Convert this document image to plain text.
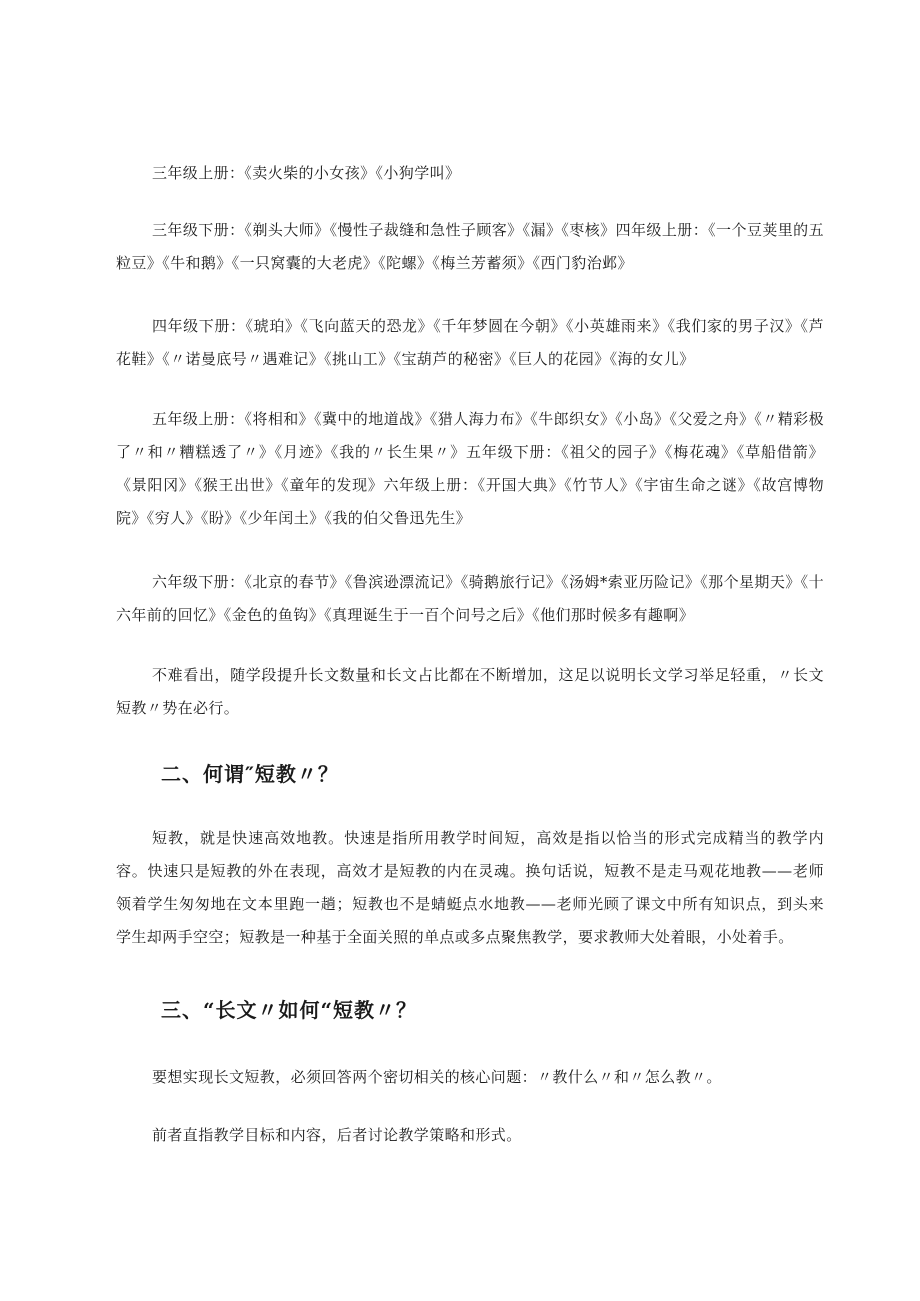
三年级上册：《卖火柴的小女孩》《小狗学叫》

三年级下册：《剃头大师》《慢性子裁缝和急性子顾客》《漏》《枣核》四年级上册：《一个豆荚里的五粒豆》《牛和鹅》《一只窝囊的大老虎》《陀螺》《梅兰芳蓄须》《西门豹治邺》

四年级下册：《琥珀》《飞向蓝天的恐龙》《千年梦圆在今朝》《小英雄雨来》《我们家的男子汉》《芦花鞋》《〃诺曼底号〃遇难记》《挑山工》《宝葫芦的秘密》《巨人的花园》《海的女儿》

五年级上册：《将相和》《冀中的地道战》《猎人海力布》《牛郎织女》《小岛》《父爱之舟》《〃精彩极了〃和〃糟糕透了〃》《月迹》《我的〃长生果〃》五年级下册：《祖父的园子》《梅花魂》《草船借箭》《景阳冈》《猴王出世》《童年的发现》六年级上册：《开国大典》《竹节人》《宇宙生命之谜》《故宫博物院》《穷人》《盼》《少年闰土》《我的伯父鲁迅先生》

六年级下册：《北京的春节》《鲁滨逊漂流记》《骑鹅旅行记》《汤姆*索亚历险记》《那个星期天》《十六年前的回忆》《金色的鱼钩》《真理诞生于一百个问号之后》《他们那时候多有趣啊》

不难看出，随学段提升长文数量和长文占比都在不断增加，这足以说明长文学习举足轻重，〃长文短教〃势在必行。

二、何谓″短教〃？

短教，就是快速高效地教。快速是指所用教学时间短，高效是指以恰当的形式完成精当的教学内容。快速只是短教的外在表现，高效才是短教的内在灵魂。换句话说，短教不是走马观花地教——老师领着学生匆匆地在文本里跑一趟；短教也不是蜻蜓点水地教——老师光顾了课文中所有知识点，到头来学生却两手空空；短教是一种基于全面关照的单点或多点聚焦教学，要求教师大处着眼，小处着手。

三、“长文〃如何“短教〃？

要想实现长文短教，必须回答两个密切相关的核心问题：〃教什么〃和〃怎么教〃。

前者直指教学目标和内容，后者讨论教学策略和形式。
